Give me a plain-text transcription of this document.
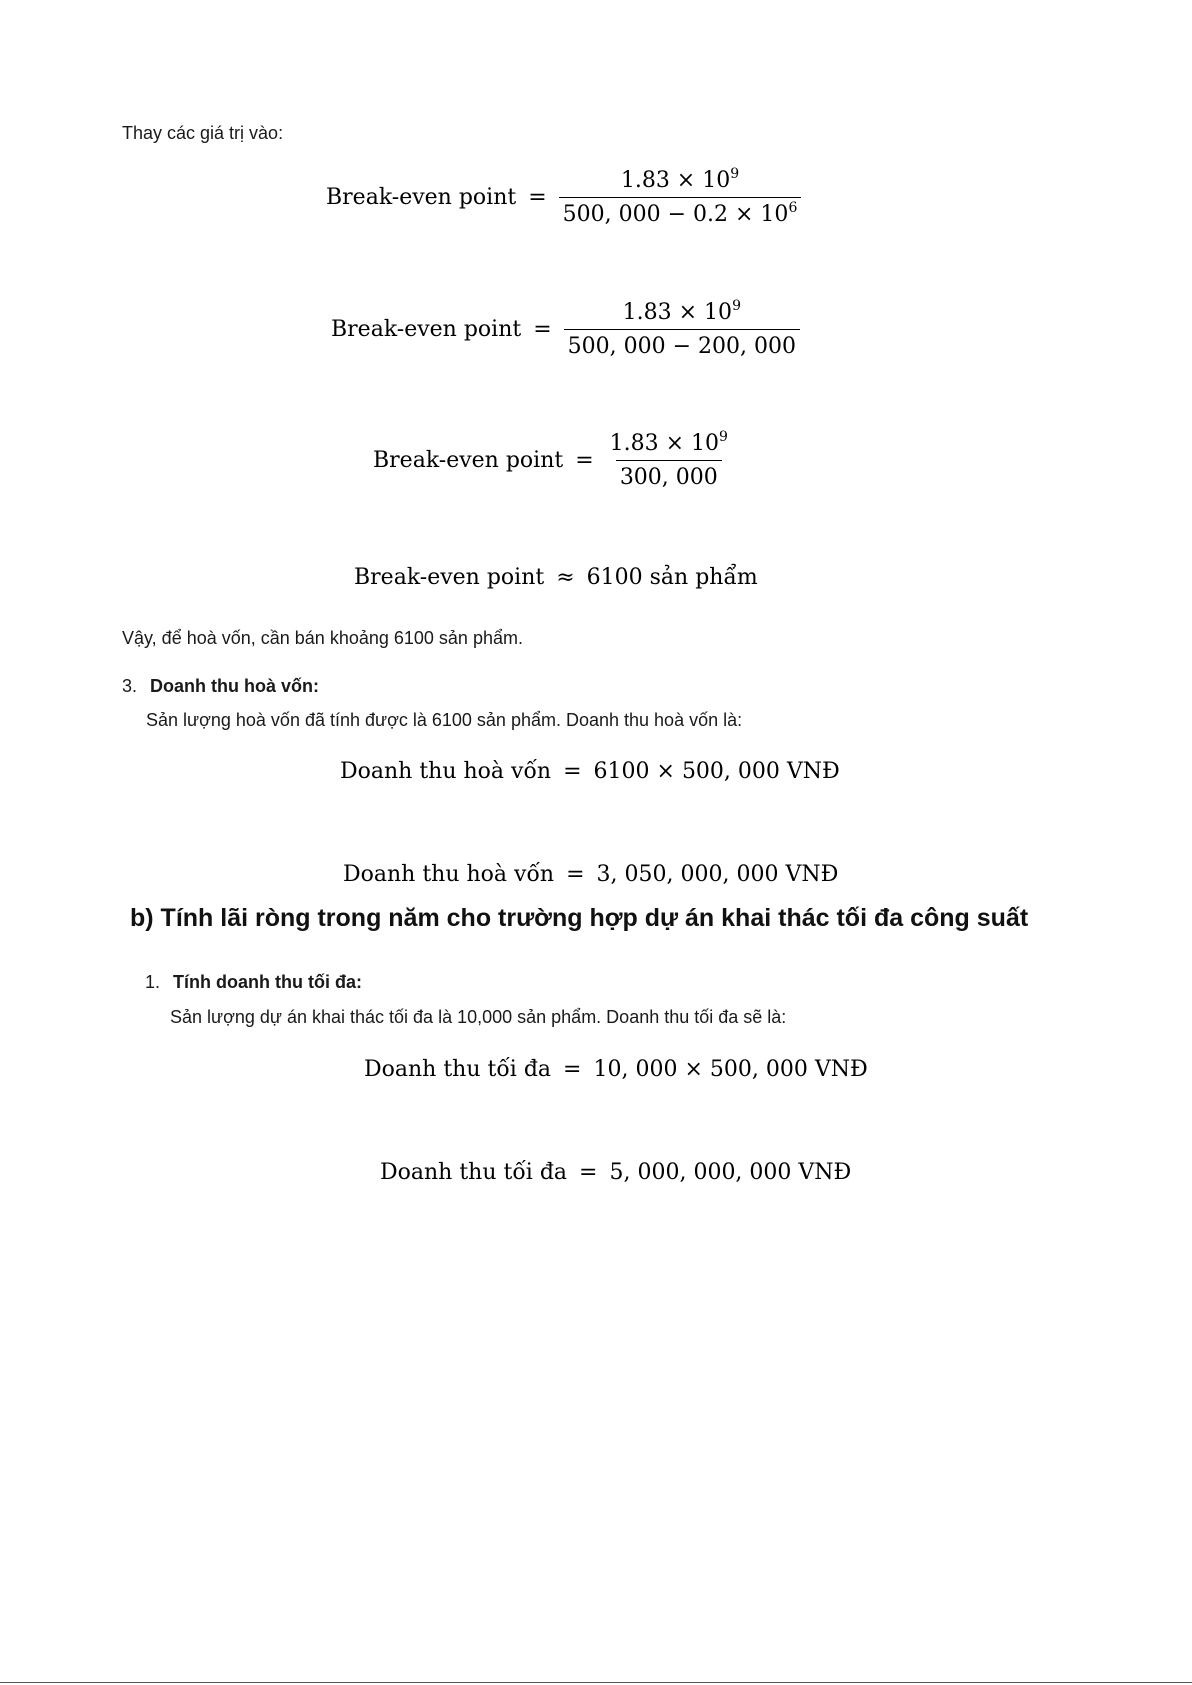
Thay các giá trị vào:
Break-even point = $\frac{1.83 \times 10^9}{500, 000 - 0.2 \times 10^6}$
Break-even point = $\frac{1.83 \times 10^9}{500, 000 - 200, 000}$
Break-even point = $\frac{1.83 \times 10^9}{300, 000}$
Break-even point ≈ 6100 sản phẩm
Vậy, để hoà vốn, cần bán khoảng 6100 sản phẩm.
3. Doanh thu hoà vốn:
Sản lượng hoà vốn đã tính được là 6100 sản phẩm. Doanh thu hoà vốn là:
Doanh thu hoà vốn = 6100 × 500, 000 VNĐ
Doanh thu hoà vốn = 3, 050, 000, 000 VNĐ
b) Tính lãi ròng trong năm cho trường hợp dự án khai thác tối đa công suất
1. Tính doanh thu tối đa:
Sản lượng dự án khai thác tối đa là 10,000 sản phẩm. Doanh thu tối đa sẽ là:
Doanh thu tối đa = 10, 000 × 500, 000 VNĐ
Doanh thu tối đa = 5, 000, 000, 000 VNĐ
